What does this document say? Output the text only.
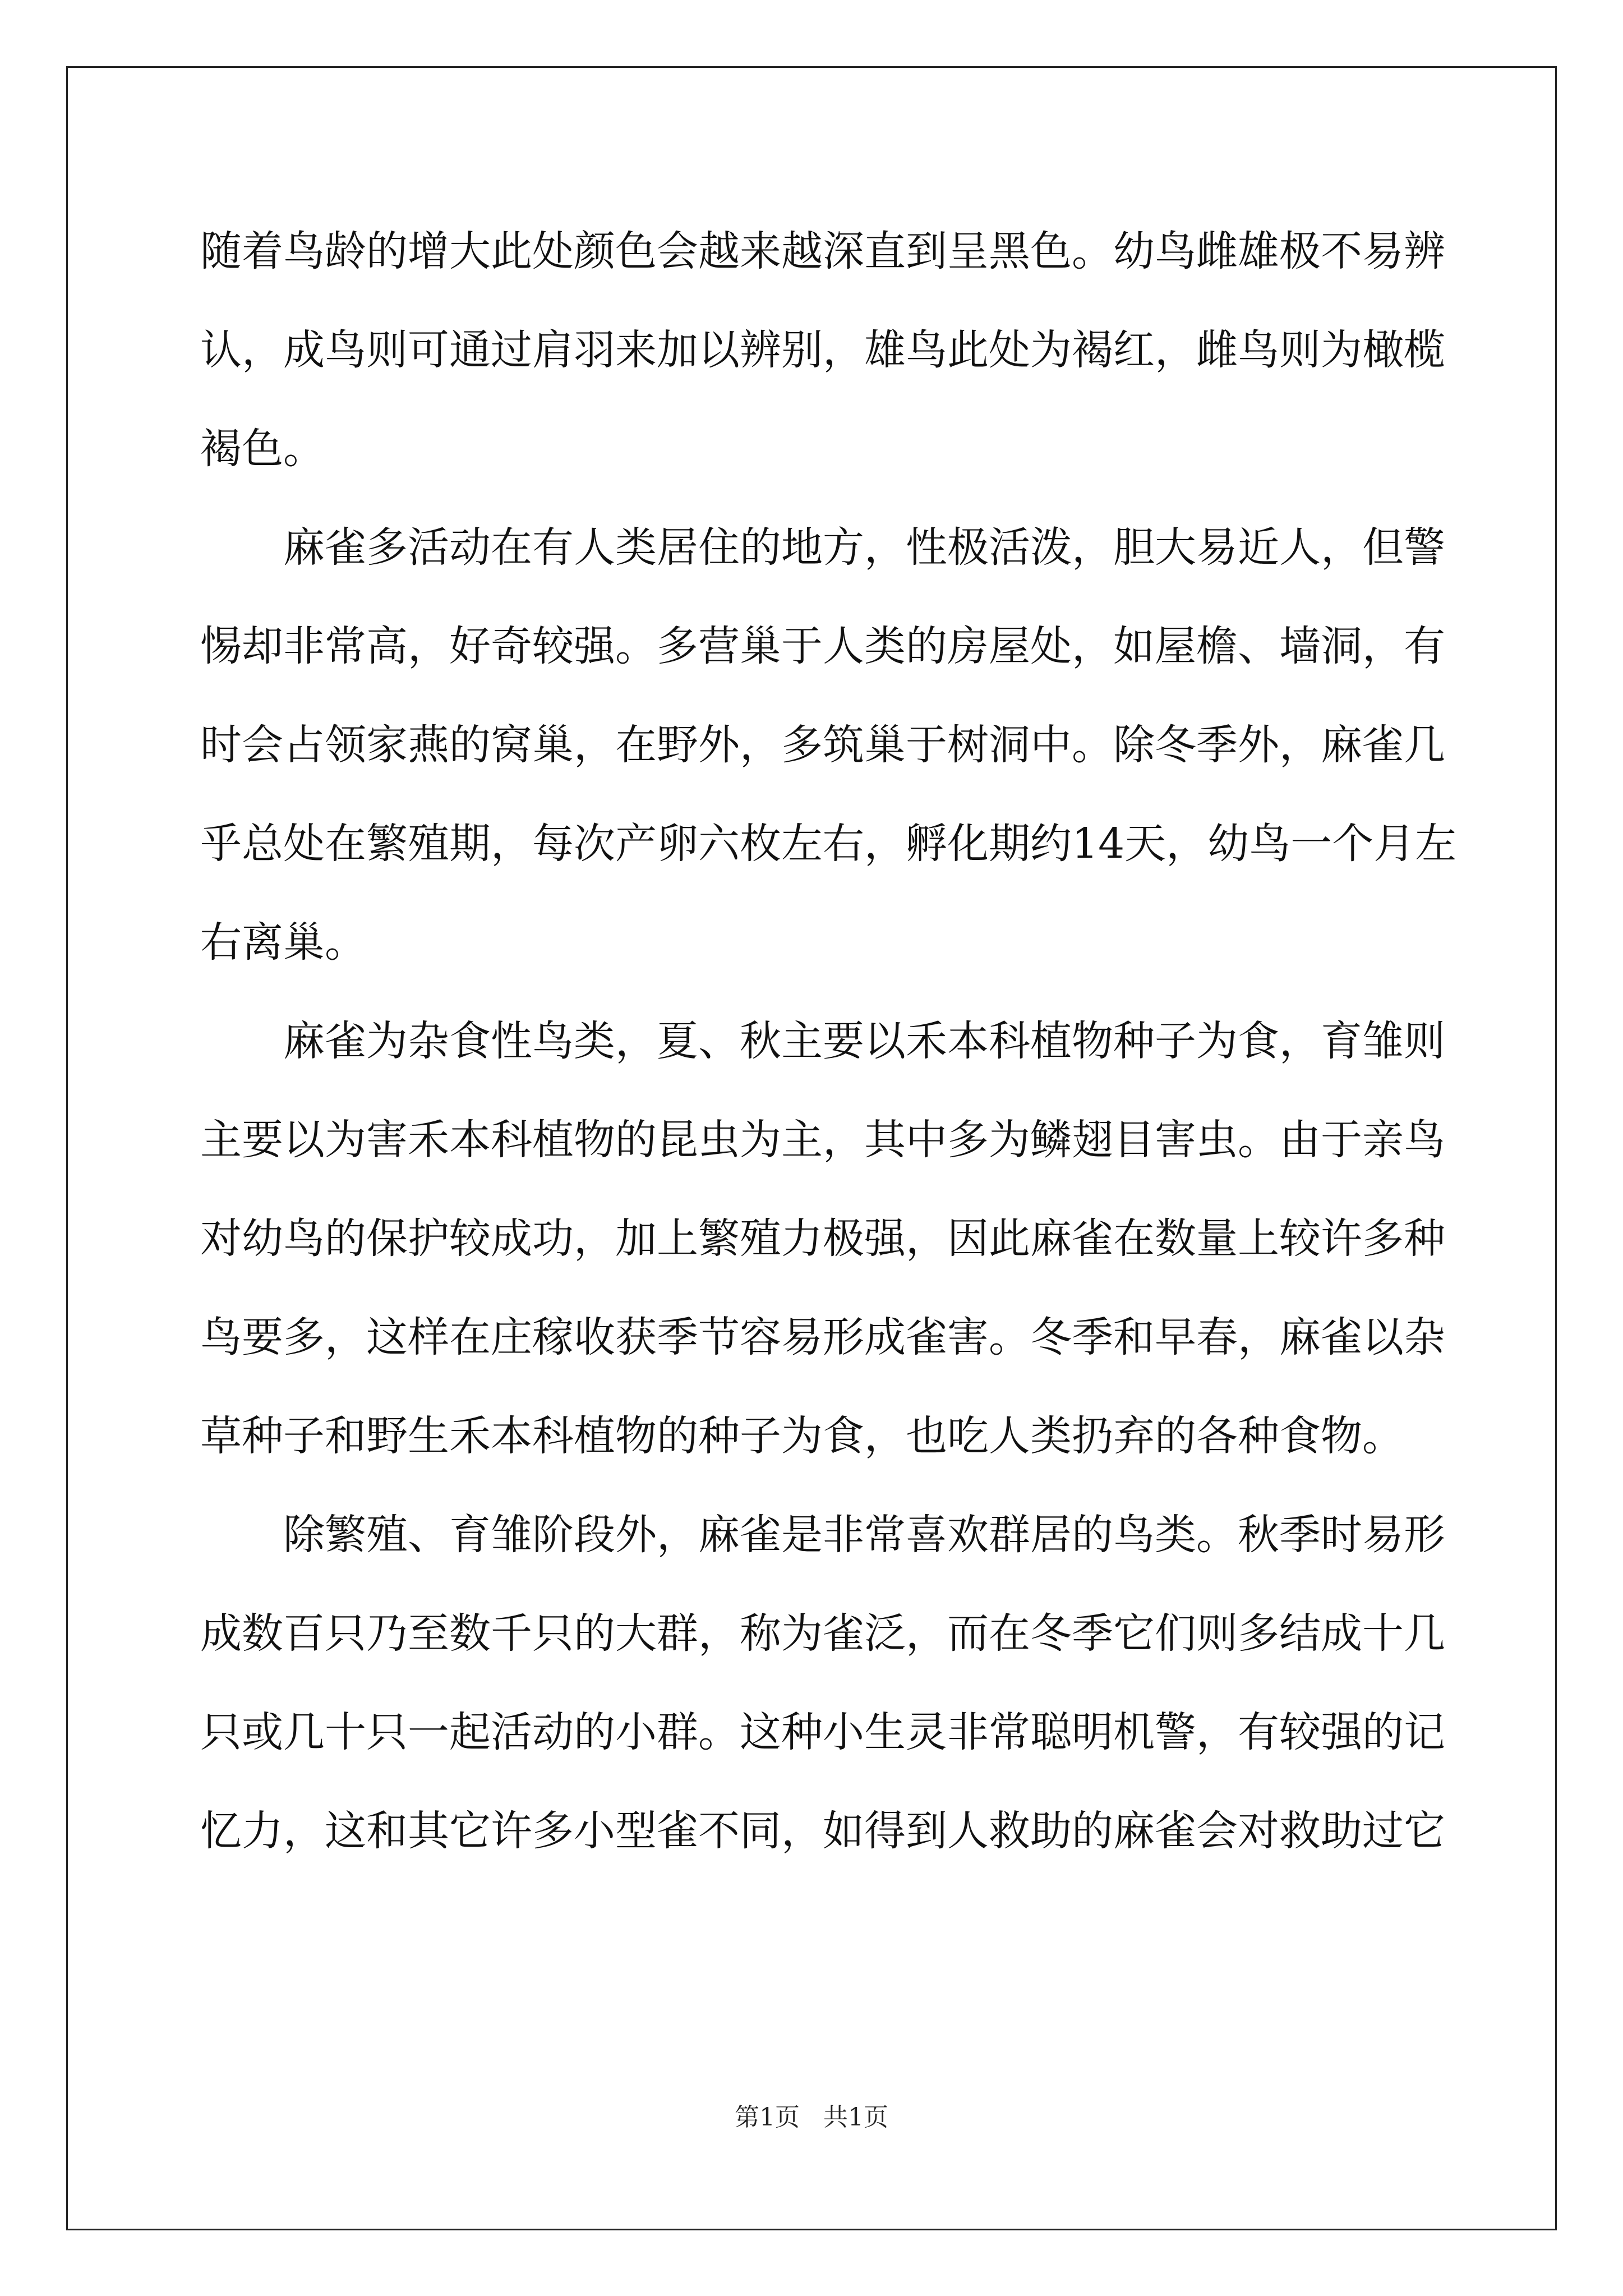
随着鸟龄的增大此处颜色会越来越深直到呈黑色。幼鸟雌雄极不易辨
认，成鸟则可通过肩羽来加以辨别，雄鸟此处为褐红，雌鸟则为橄榄
褐色。
麻雀多活动在有人类居住的地方，性极活泼，胆大易近人，但警
惕却非常高，好奇较强。多营巢于人类的房屋处，如屋檐、墙洞，有
时会占领家燕的窝巢，在野外，多筑巢于树洞中。除冬季外，麻雀几
乎总处在繁殖期，每次产卵六枚左右，孵化期约14天，幼鸟一个月左
右离巢。
麻雀为杂食性鸟类，夏、秋主要以禾本科植物种子为食，育雏则
主要以为害禾本科植物的昆虫为主，其中多为鳞翅目害虫。由于亲鸟
对幼鸟的保护较成功，加上繁殖力极强，因此麻雀在数量上较许多种
鸟要多，这样在庄稼收获季节容易形成雀害。冬季和早春，麻雀以杂
草种子和野生禾本科植物的种子为食，也吃人类扔弃的各种食物。
除繁殖、育雏阶段外，麻雀是非常喜欢群居的鸟类。秋季时易形
成数百只乃至数千只的大群，称为雀泛，而在冬季它们则多结成十几
只或几十只一起活动的小群。这种小生灵非常聪明机警，有较强的记
忆力，这和其它许多小型雀不同，如得到人救助的麻雀会对救助过它
第1页 共1页
